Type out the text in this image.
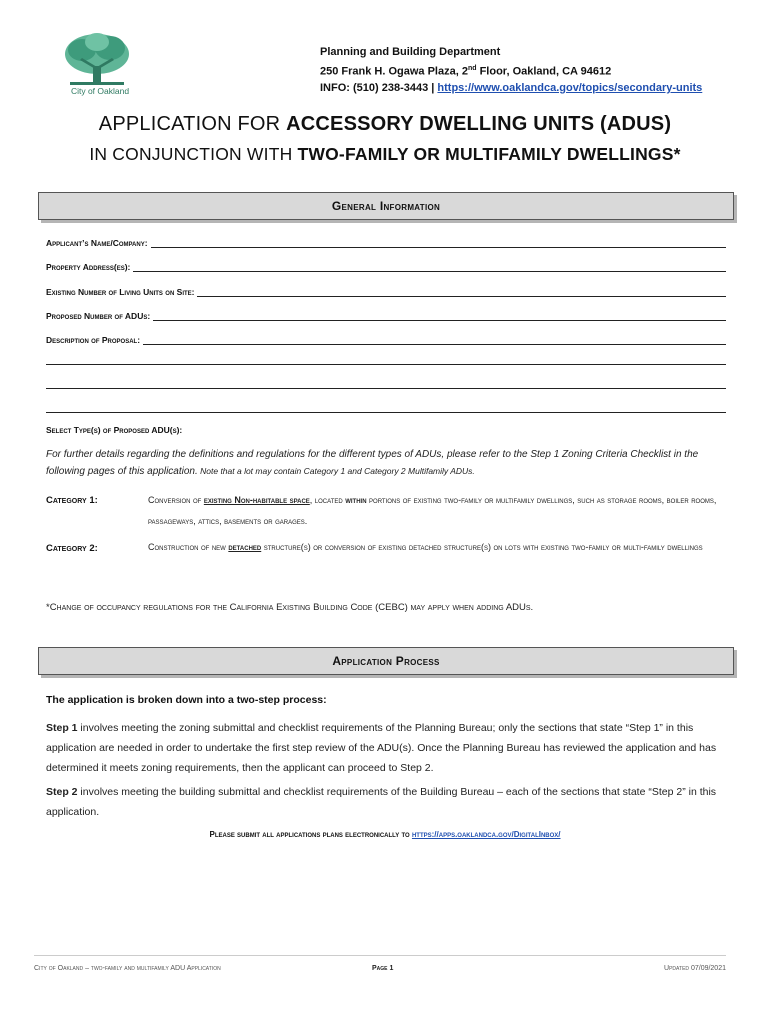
City of Oakland
Planning and Building Department
250 Frank H. Ogawa Plaza, 2nd Floor, Oakland, CA 94612
INFO: (510) 238-3443 | https://www.oaklandca.gov/topics/secondary-units
APPLICATION FOR ACCESSORY DWELLING UNITS (ADUS)
IN CONJUNCTION WITH TWO-FAMILY OR MULTIFAMILY DWELLINGS*
General Information
Applicant’s Name/Company:
Property Address(es):
Existing Number of Living Units on Site:
Proposed Number of ADUs:
Description of Proposal:
Select Type(s) of Proposed ADU(s):
For further details regarding the definitions and regulations for the different types of ADUs, please refer to the Step 1 Zoning Criteria Checklist in the following pages of this application. Note that a lot may contain Category 1 and Category 2 Multifamily ADUs.
Category 1:	Conversion of existing Non-habitable space, located within portions of existing two-family or multifamily dwellings, such as storage rooms, boiler rooms, passageways, attics, basements or garages.
Category 2:	Construction of new detached structure(s) or conversion of existing detached structure(s) on lots with existing two-family or multi-family dwellings
*Change of occupancy regulations for the California Existing Building Code (CEBC) may apply when adding ADUs.
Application Process
The application is broken down into a two-step process:
Step 1 involves meeting the zoning submittal and checklist requirements of the Planning Bureau; only the sections that state “Step 1” in this application are needed in order to undertake the first step review of the ADU(s). Once the Planning Bureau has reviewed the application and has determined it meets zoning requirements, then the applicant can proceed to Step 2.
Step 2 involves meeting the building submittal and checklist requirements of the Building Bureau – each of the sections that state “Step 2” in this application.
Please submit all applications plans electronically to https://apps.oaklandca.gov/DigitalInbox/
City of Oakland – two-family and multifamily ADU Application	Page 1	Updated 07/09/2021
